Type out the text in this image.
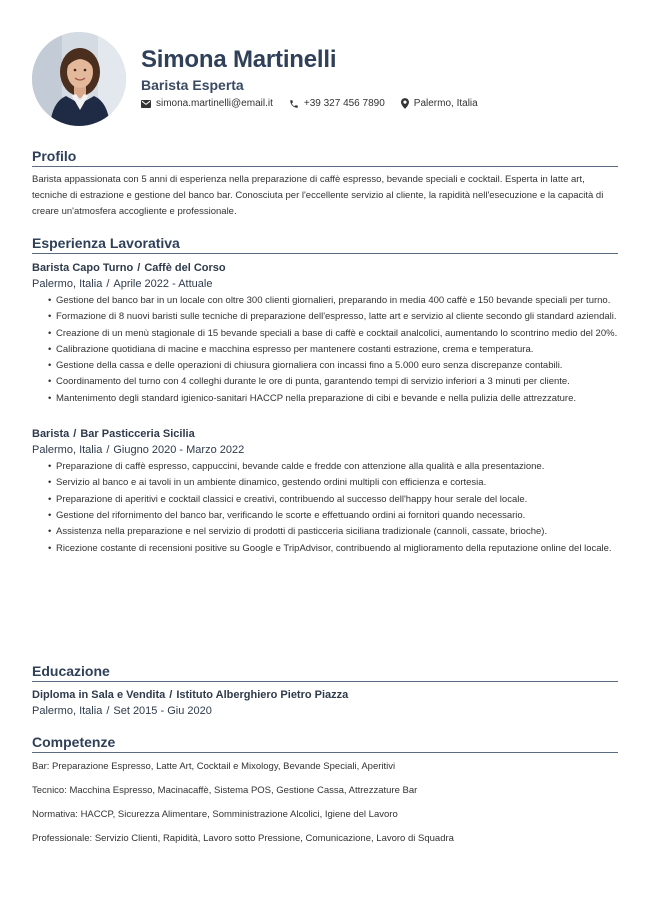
Simona Martinelli
Barista Esperta
simona.martinelli@email.it	+39 327 456 7890	Palermo, Italia
Profilo

Barista appassionata con 5 anni di esperienza nella preparazione di caffè espresso, bevande speciali e cocktail. Esperta in latte art, tecniche di estrazione e gestione del banco bar. Conosciuta per l'eccellente servizio al cliente, la rapidità nell'esecuzione e la capacità di creare un'atmosfera accogliente e professionale.

Esperienza Lavorativa
Barista Capo Turno / Caffè del Corso
Palermo, Italia / Aprile 2022 - Attuale
• Gestione del banco bar in un locale con oltre 300 clienti giornalieri, preparando in media 400 caffè e 150 bevande speciali per turno.
• Formazione di 8 nuovi baristi sulle tecniche di preparazione dell'espresso, latte art e servizio al cliente secondo gli standard aziendali.
• Creazione di un menù stagionale di 15 bevande speciali a base di caffè e cocktail analcolici, aumentando lo scontrino medio del 20%.
• Calibrazione quotidiana di macine e macchina espresso per mantenere costanti estrazione, crema e temperatura.
• Gestione della cassa e delle operazioni di chiusura giornaliera con incassi fino a 5.000 euro senza discrepanze contabili.
• Coordinamento del turno con 4 colleghi durante le ore di punta, garantendo tempi di servizio inferiori a 3 minuti per cliente.
• Mantenimento degli standard igienico-sanitari HACCP nella preparazione di cibi e bevande e nella pulizia delle attrezzature.
Barista / Bar Pasticceria Sicilia
Palermo, Italia / Giugno 2020 - Marzo 2022
• Preparazione di caffè espresso, cappuccini, bevande calde e fredde con attenzione alla qualità e alla presentazione.
• Servizio al banco e ai tavoli in un ambiente dinamico, gestendo ordini multipli con efficienza e cortesia.
• Preparazione di aperitivi e cocktail classici e creativi, contribuendo al successo dell'happy hour serale del locale.
• Gestione del rifornimento del banco bar, verificando le scorte e effettuando ordini ai fornitori quando necessario.
• Assistenza nella preparazione e nel servizio di prodotti di pasticceria siciliana tradizionale (cannoli, cassate, brioche).
• Ricezione costante di recensioni positive su Google e TripAdvisor, contribuendo al miglioramento della reputazione online del locale.
Educazione
Diploma in Sala e Vendita / Istituto Alberghiero Pietro Piazza
Palermo, Italia / Set 2015 - Giu 2020
Competenze
Bar: Preparazione Espresso, Latte Art, Cocktail e Mixology, Bevande Speciali, Aperitivi
Tecnico: Macchina Espresso, Macinacaffè, Sistema POS, Gestione Cassa, Attrezzature Bar
Normativa: HACCP, Sicurezza Alimentare, Somministrazione Alcolici, Igiene del Lavoro
Professionale: Servizio Clienti, Rapidità, Lavoro sotto Pressione, Comunicazione, Lavoro di Squadra
